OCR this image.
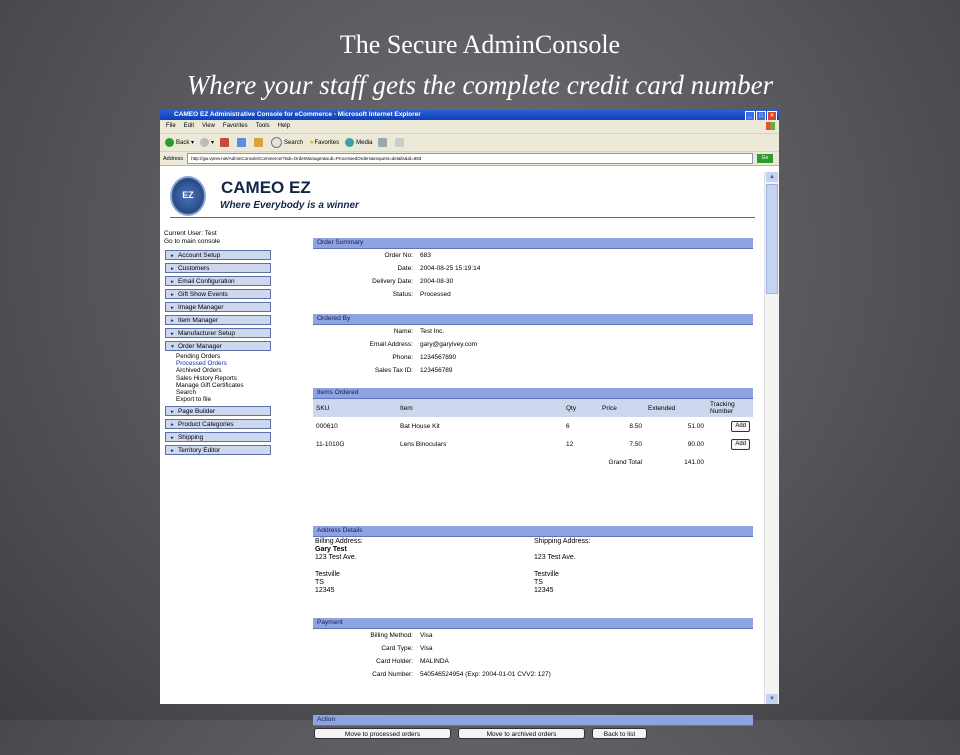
The Secure AdminConsole
Where your staff gets the complete credit card number
CAMEO EZ Administrative Console for eCommerce - Microsoft Internet Explorer	_	□	×
File Edit View Favorites Tools Help
Back ▾	▾	Search ★Favorites	Media
Address	http://gw.vprev.net/AdminConsole/Commerce/?tab=OrderManager&sub=ProcessedOrders&request=details&id=683	Go
EZ
CAMEO EZ
Where Everybody is a winner
Current User: Test
Go to main console
► Account Setup
► Customers
► Email Configuration
► Gift Show Events
► Image Manager
► Item Manager
► Manufacturer Setup
▼ Order Manager
Pending Orders
Processed Orders
Archived Orders
Sales History Reports
Manage Gift Certificates
Search
Export to file
► Page Builder
► Product Categories
► Shipping
► Territory Editor
Order Summary
Order No: 683
Date: 2004-08-25 15:19:14
Delivery Date: 2004-08-30
Status: Processed
Ordered By
Name: Test Inc.
Email Address: gary@garyivey.com
Phone: 1234567890
Sales Tax ID: 123456789
Items Ordered
SKU	Item	Qty	Price	Extended	Tracking Number
000610	Bat House Kit	6	8.50	51.00	Add
11-1010G	Lens Binoculars	12	7.50	90.00	Add
			Grand Total	141.00	
Address Details
Billing Address:
Gary Test
123 Test Ave.
Testville
TS
12345
Shipping Address:
123 Test Ave.
Testville
TS
12345
Payment
Billing Method: Visa
Card Type: Visa
Card Holder: MALINDA
Card Number: 540546524954 (Exp: 2004-01-01 CVV2: 127)
Action
Move to processed orders	Move to archived orders	Back to list
▲
▼
